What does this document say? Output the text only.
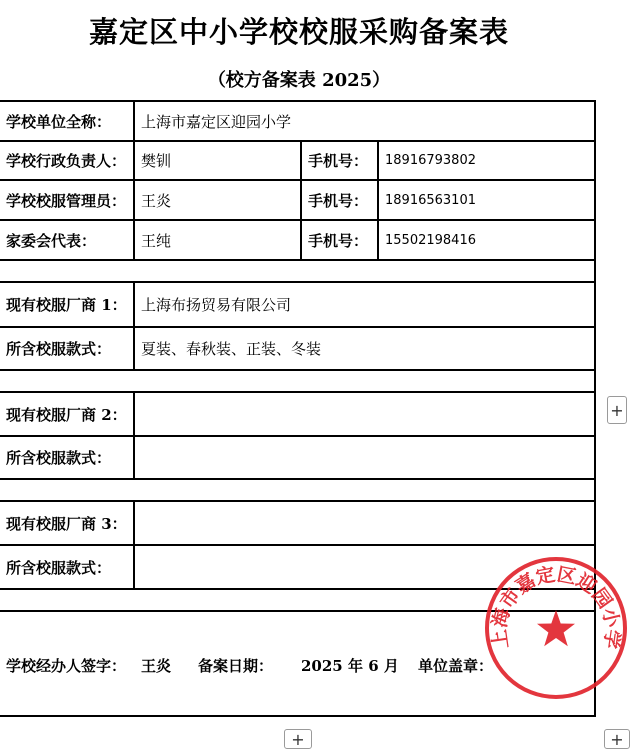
嘉定区中小学校校服采购备案表
（校方备案表 2025）
学校单位全称： 上海市嘉定区迎园小学
学校行政负责人： 樊钏	手机号： 18916793802
学校校服管理员： 王炎	手机号： 18916563101
家委会代表：	王纯	手机号： 15502198416
现有校服厂商 1： 上海布扬贸易有限公司
所含校服款式： 夏装、春秋装、正装、冬装
现有校服厂商 2：
所含校服款式：
现有校服厂商 3：
所含校服款式：
学校经办人签字： 王炎 备案日期： 2025 年 6 月 单位盖章：
上海市嘉定区迎园小学
+
+	+
